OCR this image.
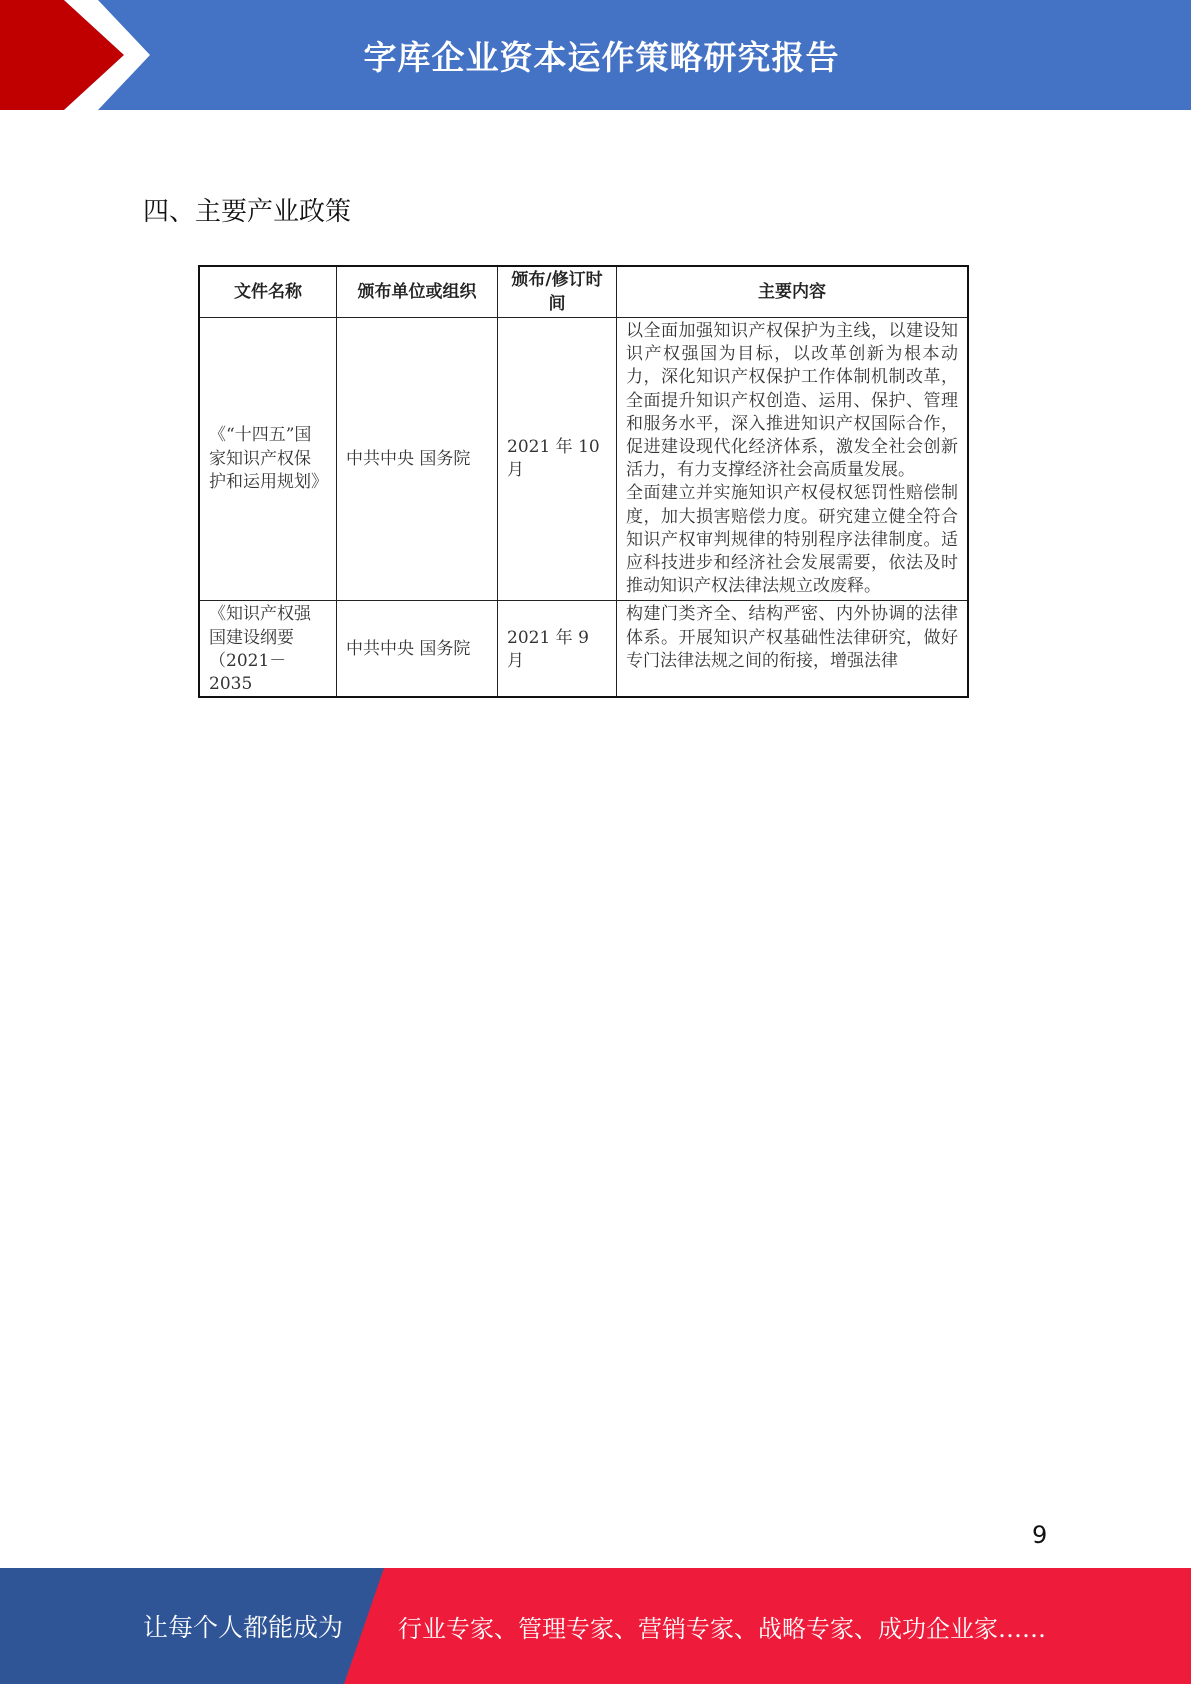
字库企业资本运作策略研究报告
四、主要产业政策
文件名称	颁布单位或组织	颁布/修订时间	主要内容
《“十四五”国家知识产权保护和运用规划》	中共中央 国务院	2021 年 10 月	以全面加强知识产权保护为主线，以建设知识产权强国为目标，以改革创新为根本动力，深化知识产权保护工作体制机制改革，全面提升知识产权创造、运用、保护、管理和服务水平，深入推进知识产权国际合作，促进建设现代化经济体系，激发全社会创新活力，有力支撑经济社会高质量发展。

全面建立并实施知识产权侵权惩罚性赔偿制度，加大损害赔偿力度。研究建立健全符合知识产权审判规律的特别程序法律制度。适应科技进步和经济社会发展需要，依法及时推动知识产权法律法规立改废释。

《知识产权强国建设纲要（2021－2035	中共中央 国务院	2021 年 9 月	构建门类齐全、结构严密、内外协调的法律体系。开展知识产权基础性法律研究，做好专门法律法规之间的衔接，增强法律

9
让每个人都能成为 行业专家、管理专家、营销专家、战略专家、成功企业家……
